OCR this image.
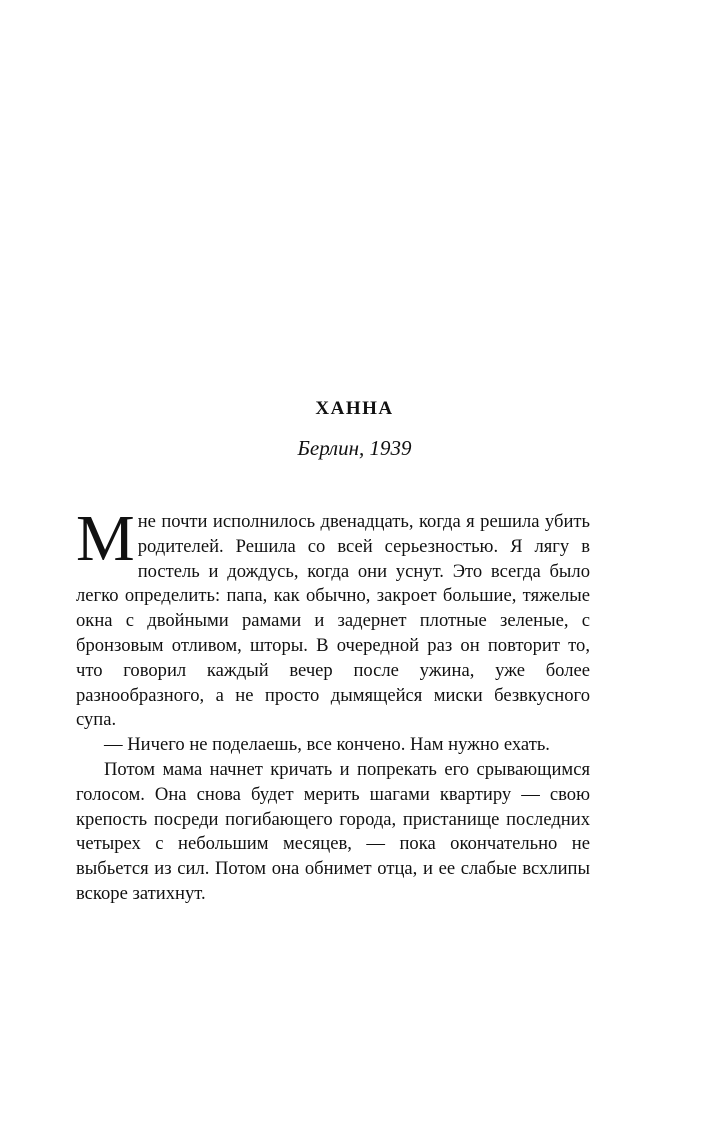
ХАННА
Берлин, 1939

Мне почти исполнилось двенадцать, когда я решила убить родителей. Решила со всей серьезностью. Я лягу в постель и дождусь, когда они уснут. Это всегда было легко определить: папа, как обычно, закроет большие, тяжелые окна с двойными рамами и задернет плотные зеленые, с бронзовым отливом, шторы. В очередной раз он повторит то, что говорил каждый вечер после ужина, уже более разнообразного, а не просто дымящейся миски безвкусного супа.

— Ничего не поделаешь, все кончено. Нам нужно ехать.

Потом мама начнет кричать и попрекать его срывающимся голосом. Она снова будет мерить шагами квартиру — свою крепость посреди погибающего города, пристанище последних четырех с небольшим месяцев, — пока окончательно не выбьется из сил. Потом она обнимет отца, и ее слабые всхлипы вскоре затихнут.
